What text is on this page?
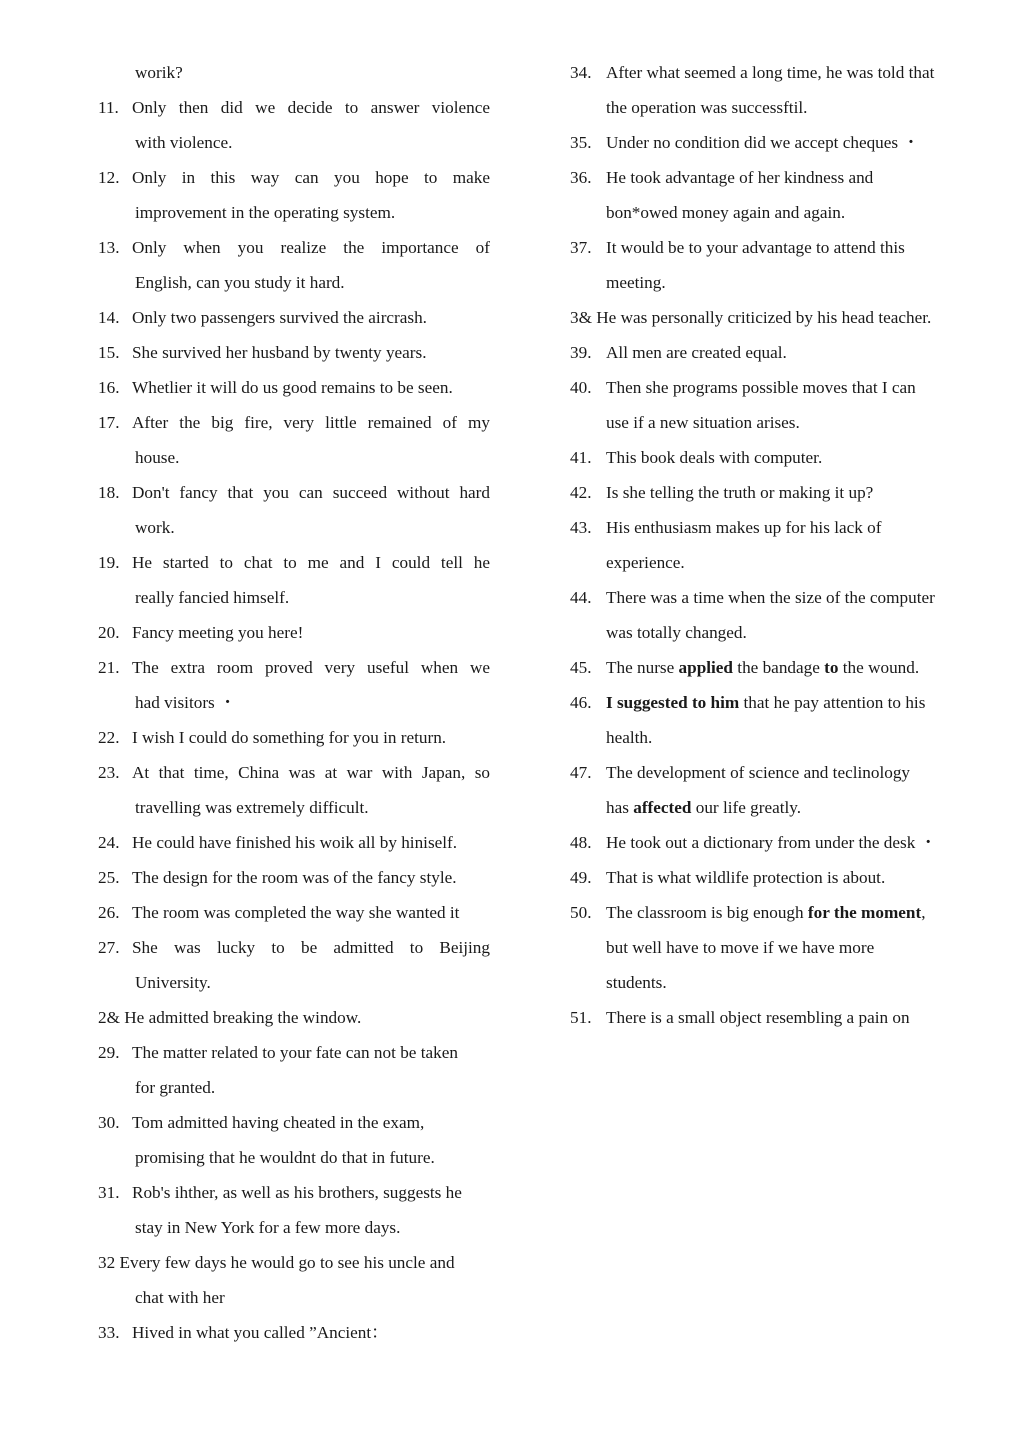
worik?
11. Only then did we decide to answer violence
with violence.
12. Only in this way can you hope to make
improvement in the operating system.
13. Only when you realize the importance of
English, can you study it hard.
14. Only two passengers survived the aircrash.
15. She survived her husband by twenty years.
16. Whetlier it will do us good remains to be seen.
17. After the big fire, very little remained of my
house.
18. Don't fancy that you can succeed without hard
work.
19. He started to chat to me and I could tell he
really fancied himself.
20. Fancy meeting you here!
21. The extra room proved very useful when we
had visitors ・
22. I wish I could do something for you in return.
23. At that time, China was at war with Japan, so
travelling was extremely difficult.
24. He could have finished his woik all by hiniself.
25. The design for the room was of the fancy style.
26. The room was completed the way she wanted it
27. She was lucky to be admitted to Beijing
University.
2& He admitted breaking the window.
29. The matter related to your fate can not be taken
for granted.
30. Tom admitted having cheated in the exam,
promising that he wouldnt do that in future.
31. Rob's ihther, as well as his brothers, suggests he
stay in New York for a few more days.
32 Every few days he would go to see his uncle and
chat with her
33. Hived in what you called ”Ancient：
34. After what seemed a long time, he was told that
the operation was successftil.
35. Under no condition did we accept cheques ・
36. He took advantage of her kindness and
bon*owed money again and again.
37. It would be to your advantage to attend this
meeting.
3& He was personally criticized by his head teacher.
39. All men are created equal.
40. Then she programs possible moves that I can
use if a new situation arises.
41. This book deals with computer.
42. Is she telling the truth or making it up?
43. His enthusiasm makes up for his lack of
experience.
44. There was a time when the size of the computer
was totally changed.
45. The nurse applied the bandage to the wound.
46. I suggested to him that he pay attention to his
health.
47. The development of science and teclinology
has affected our life greatly.
48. He took out a dictionary from under the desk ・
49. That is what wildlife protection is about.
50. The classroom is big enough for the moment,
but well have to move if we have more
students.
51. There is a small object resembling a pain on
